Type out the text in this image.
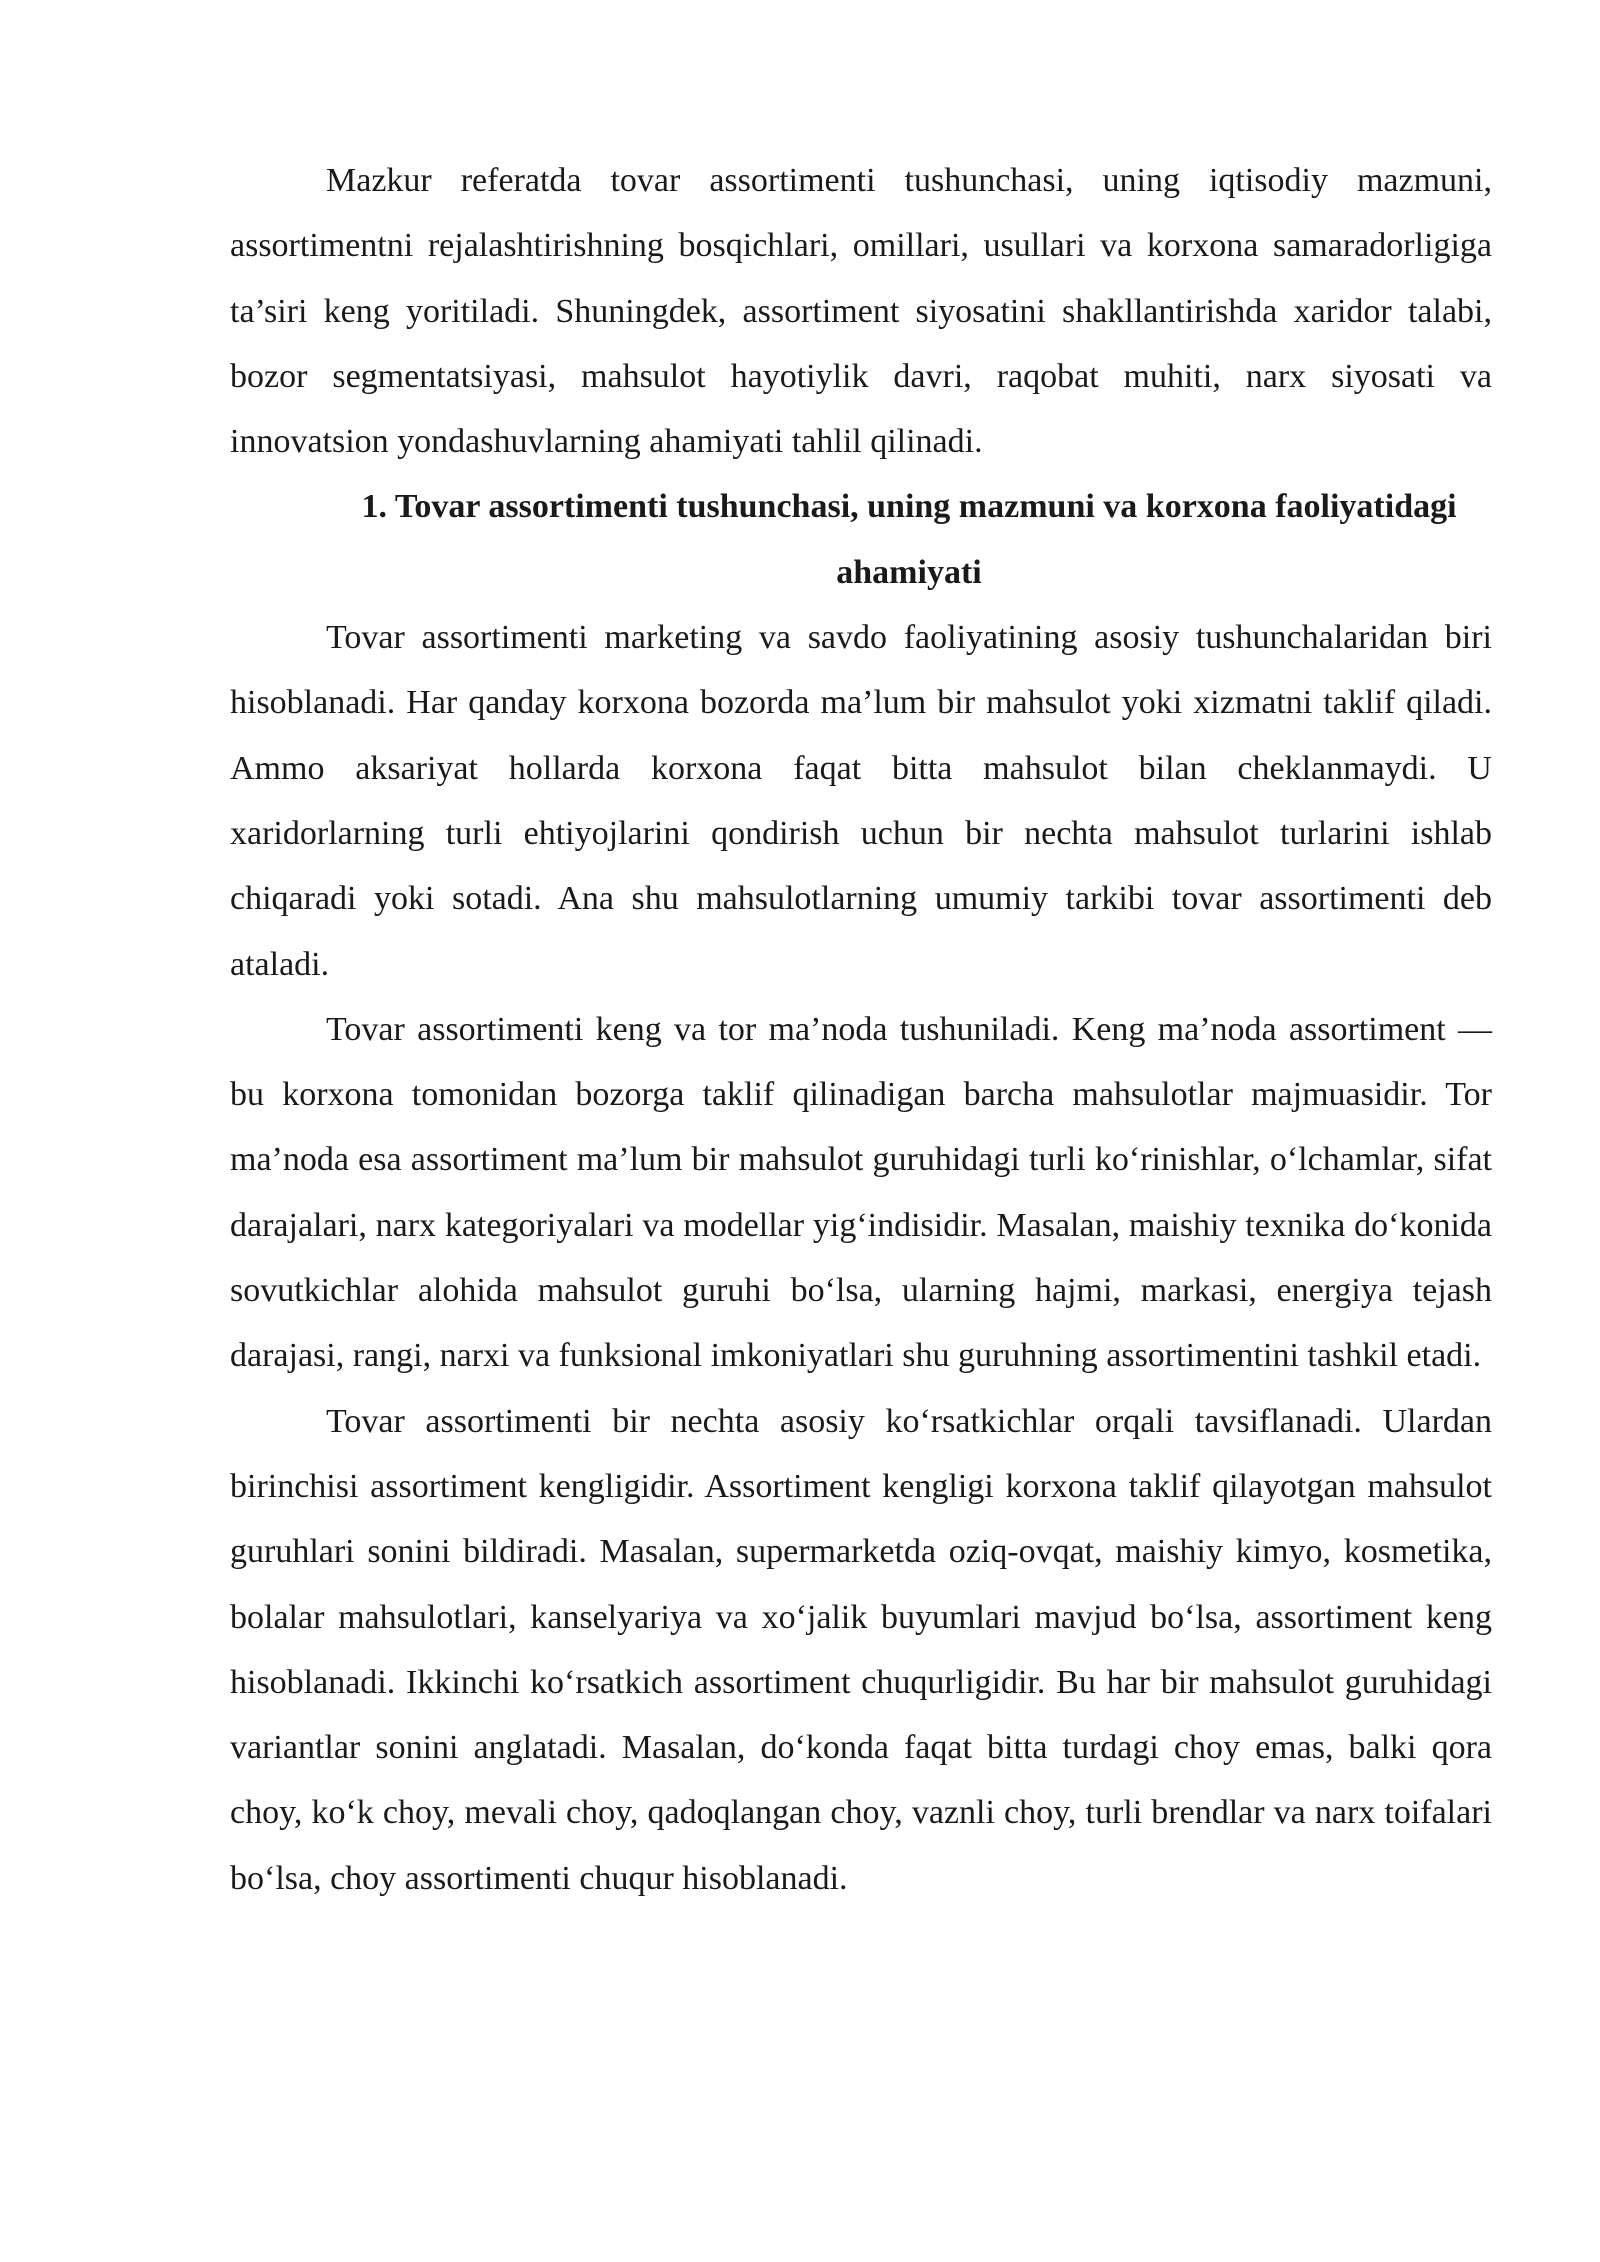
Mazkur referatda tovar assortimenti tushunchasi, uning iqtisodiy mazmuni, assortimentni rejalashtirishning bosqichlari, omillari, usullari va korxona samaradorligiga ta’siri keng yoritiladi. Shuningdek, assortiment siyosatini shakllantirishda xaridor talabi, bozor segmentatsiyasi, mahsulot hayotiylik davri, raqobat muhiti, narx siyosati va innovatsion yondashuvlarning ahamiyati tahlil qilinadi.

1. Tovar assortimenti tushunchasi, uning mazmuni va korxona faoliyatidagi ahamiyati

Tovar assortimenti marketing va savdo faoliyatining asosiy tushunchalaridan biri hisoblanadi. Har qanday korxona bozorda ma’lum bir mahsulot yoki xizmatni taklif qiladi. Ammo aksariyat hollarda korxona faqat bitta mahsulot bilan cheklanmaydi. U xaridorlarning turli ehtiyojlarini qondirish uchun bir nechta mahsulot turlarini ishlab chiqaradi yoki sotadi. Ana shu mahsulotlarning umumiy tarkibi tovar assortimenti deb ataladi.

Tovar assortimenti keng va tor ma’noda tushuniladi. Keng ma’noda assortiment — bu korxona tomonidan bozorga taklif qilinadigan barcha mahsulotlar majmuasidir. Tor ma’noda esa assortiment ma’lum bir mahsulot guruhidagi turli ko‘rinishlar, o‘lchamlar, sifat darajalari, narx kategoriyalari va modellar yig‘indisidir. Masalan, maishiy texnika do‘konida sovutkichlar alohida mahsulot guruhi bo‘lsa, ularning hajmi, markasi, energiya tejash darajasi, rangi, narxi va funksional imkoniyatlari shu guruhning assortimentini tashkil etadi.

Tovar assortimenti bir nechta asosiy ko‘rsatkichlar orqali tavsiflanadi. Ulardan birinchisi assortiment kengligidir. Assortiment kengligi korxona taklif qilayotgan mahsulot guruhlari sonini bildiradi. Masalan, supermarketda oziq-ovqat, maishiy kimyo, kosmetika, bolalar mahsulotlari, kanselyariya va xo‘jalik buyumlari mavjud bo‘lsa, assortiment keng hisoblanadi. Ikkinchi ko‘rsatkich assortiment chuqurligidir. Bu har bir mahsulot guruhidagi variantlar sonini anglatadi. Masalan, do‘konda faqat bitta turdagi choy emas, balki qora choy, ko‘k choy, mevali choy, qadoqlangan choy, vaznli choy, turli brendlar va narx toifalari bo‘lsa, choy assortimenti chuqur hisoblanadi.
